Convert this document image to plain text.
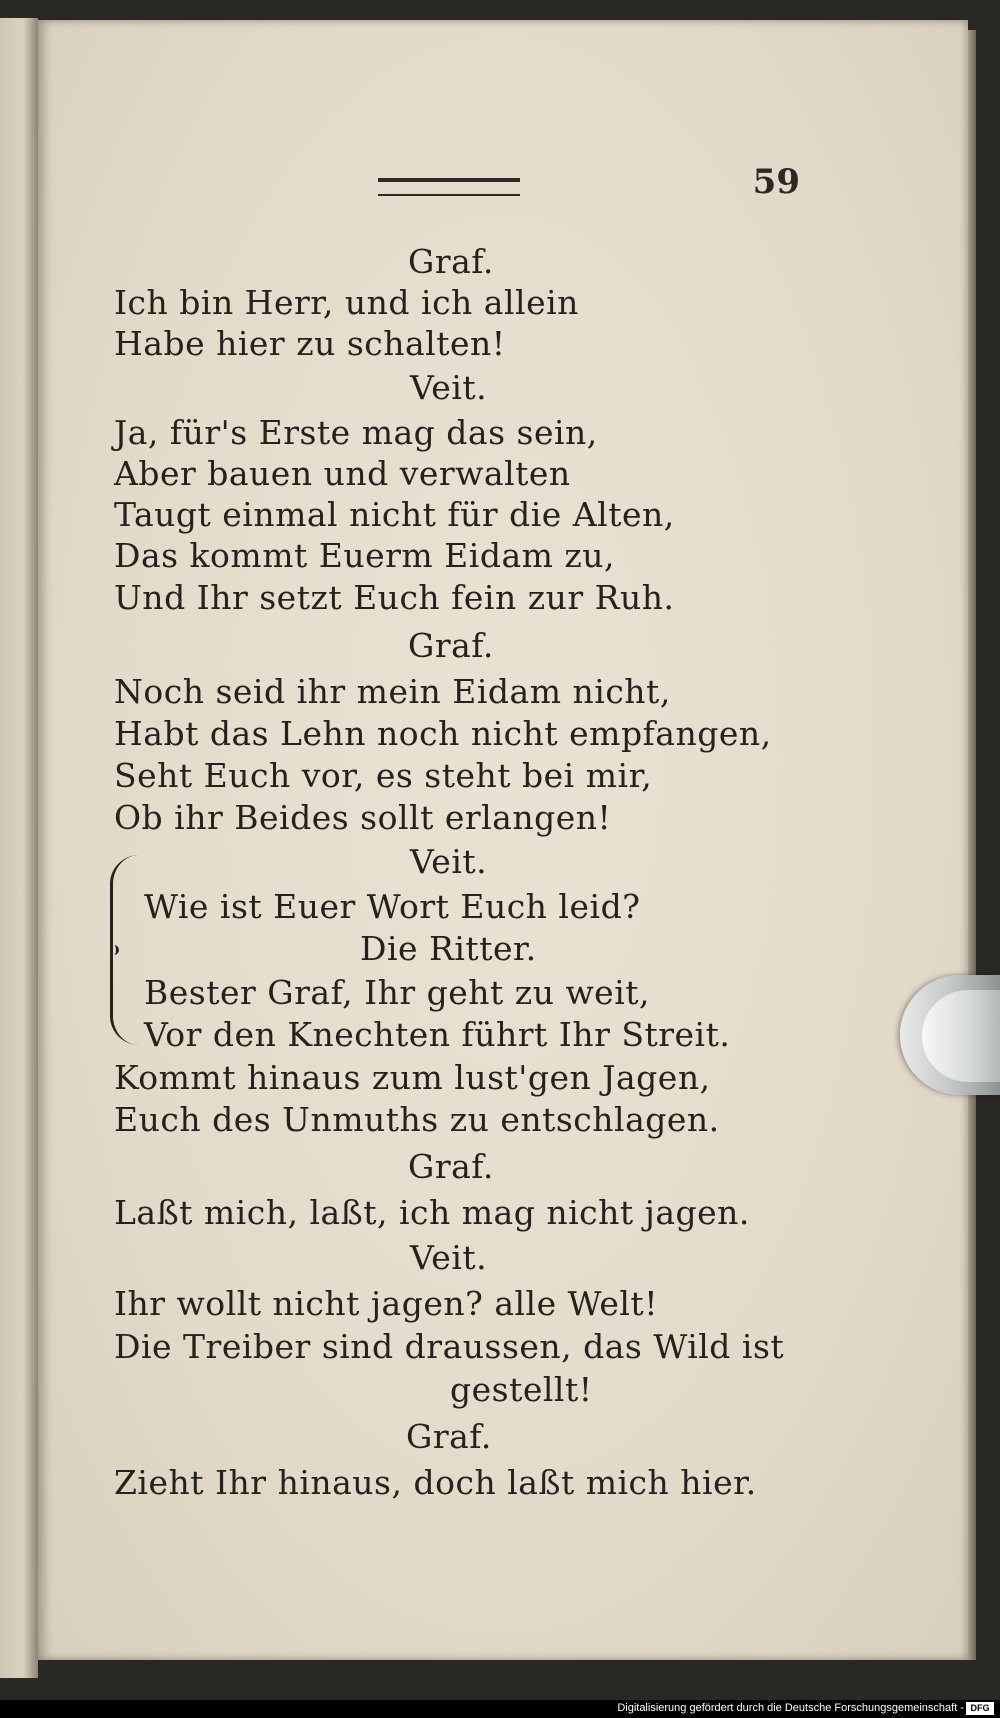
59
Graf.
Ich bin Herr, und ich allein
Habe hier zu schalten!
Veit.
Ja, für's Erste mag das sein,
Aber bauen und verwalten
Taugt einmal nicht für die Alten,
Das kommt Euerm Eidam zu,
Und Ihr setzt Euch fein zur Ruh.
Graf.
Noch seid ihr mein Eidam nicht,
Habt das Lehn noch nicht empfangen,
Seht Euch vor, es steht bei mir,
Ob ihr Beides sollt erlangen!
Veit.
Wie ist Euer Wort Euch leid?
Die Ritter.
Bester Graf, Ihr geht zu weit,
Vor den Knechten führt Ihr Streit.
Kommt hinaus zum lust'gen Jagen,
Euch des Unmuths zu entschlagen.
Graf.
Laßt mich, laßt, ich mag nicht jagen.
Veit.
Ihr wollt nicht jagen? alle Welt!
Die Treiber sind draussen, das Wild ist
gestellt!
Graf.
Zieht Ihr hinaus, doch laßt mich hier.
Digitalisierung gefördert durch die Deutsche Forschungsgemeinschaft - DFG
